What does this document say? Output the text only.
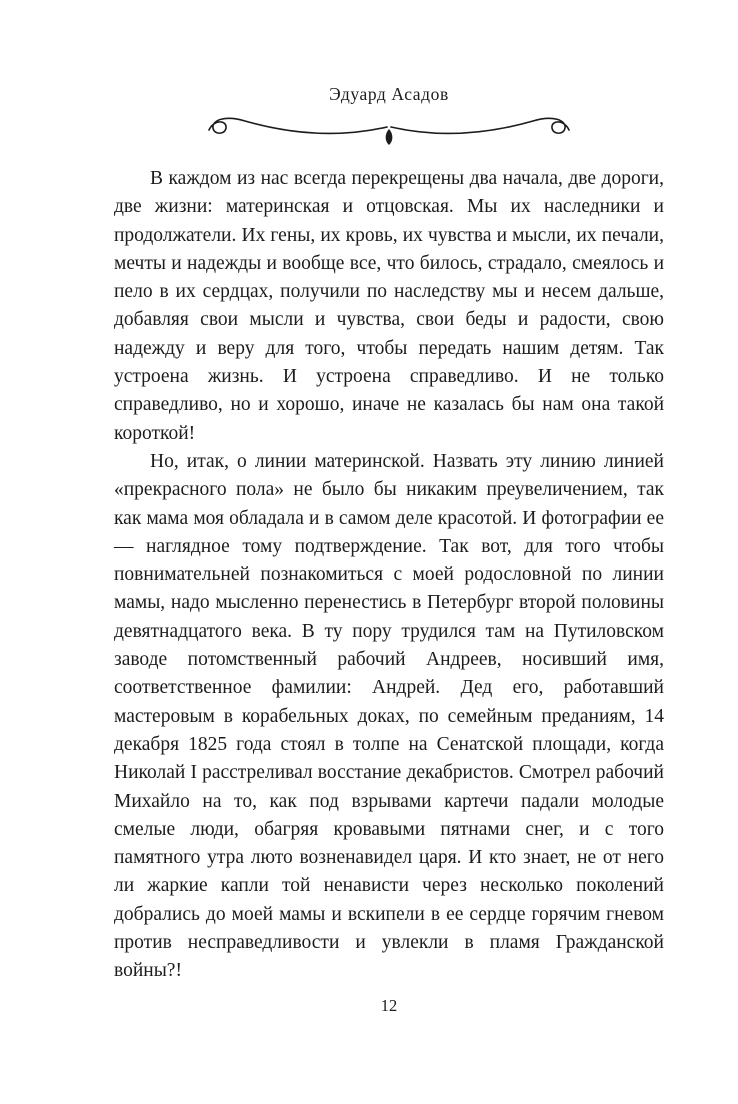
Эдуард Асадов

В каждом из нас всегда перекрещены два начала, две дороги, две жизни: материнская и отцовская. Мы их наследники и продолжатели. Их гены, их кровь, их чувства и мысли, их печали, мечты и надежды и вообще все, что билось, страдало, смеялось и пело в их сердцах, получили по наследству мы и несем дальше, добавляя свои мысли и чувства, свои беды и радости, свою надежду и веру для того, чтобы передать нашим детям. Так устроена жизнь. И устроена справедливо. И не только справедливо, но и хорошо, иначе не казалась бы нам она такой короткой!

Но, итак, о линии материнской. Назвать эту линию линией «прекрасного пола» не было бы никаким преувеличением, так как мама моя обладала и в самом деле красотой. И фотографии ее — наглядное тому подтверждение. Так вот, для того чтобы повнимательней познакомиться с моей родословной по линии мамы, надо мысленно перенестись в Петербург второй половины девятнадцатого века. В ту пору трудился там на Путиловском заводе потомственный рабочий Андреев, носивший имя, соответственное фамилии: Андрей. Дед его, работавший мастеровым в корабельных доках, по семейным преданиям, 14 декабря 1825 года стоял в толпе на Сенатской площади, когда Николай I расстреливал восстание декабристов. Смотрел рабочий Михайло на то, как под взрывами картечи падали молодые смелые люди, обагряя кровавыми пятнами снег, и с того памятного утра люто возненавидел царя. И кто знает, не от него ли жаркие капли той ненависти через несколько поколений добрались до моей мамы и вскипели в ее сердце горячим гневом против несправедливости и увлекли в пламя Гражданской войны?!

12
